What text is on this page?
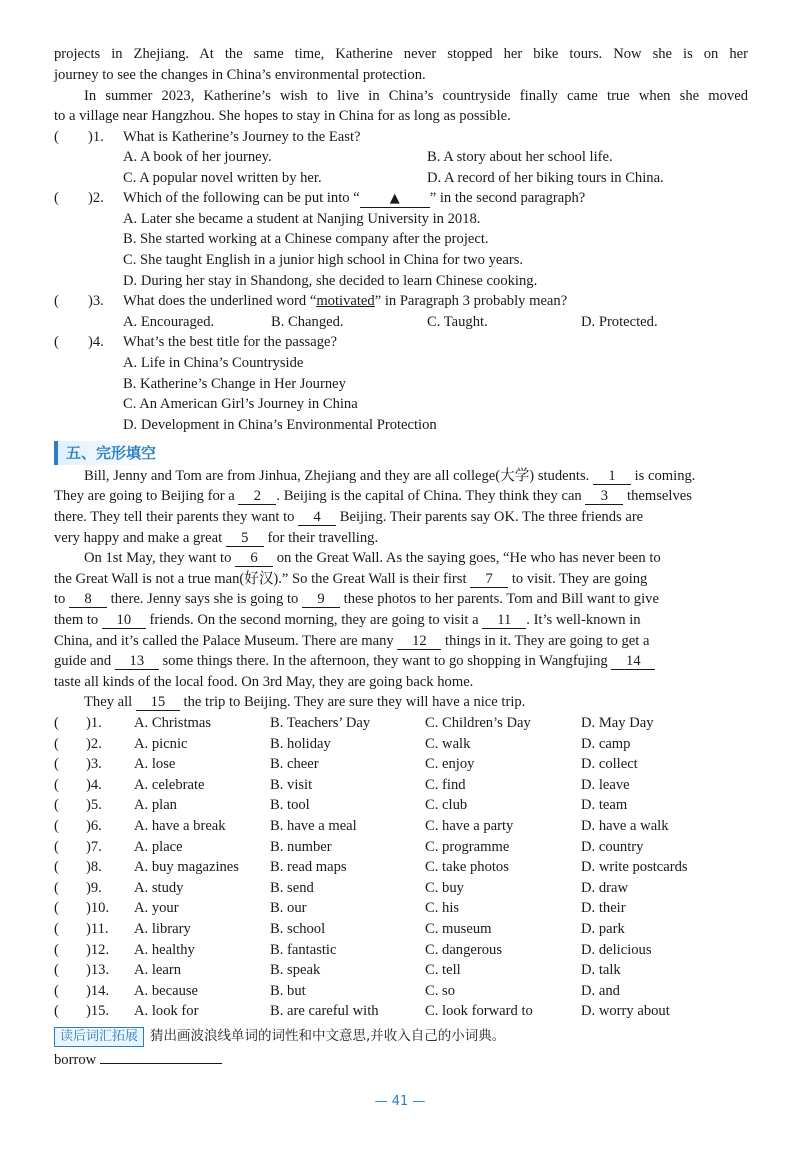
projects in Zhejiang. At the same time, Katherine never stopped her bike tours. Now she is on her
journey to see the changes in China’s environmental protection.
In summer 2023, Katherine’s wish to live in China’s countryside finally came true when she moved
to a village near Hangzhou. She hopes to stay in China for as long as possible.
(	)1. What is Katherine’s Journey to the East?
A. A book of her journey.	B. A story about her school life.
C. A popular novel written by her.	D. A record of her biking tours in China.
(	)2. Which of the following can be put into “ ▲ ” in the second paragraph?
A. Later she became a student at Nanjing University in 2018.
B. She started working at a Chinese company after the project.
C. She taught English in a junior high school in China for two years.
D. During her stay in Shandong, she decided to learn Chinese cooking.
(	)3. What does the underlined word “motivated” in Paragraph 3 probably mean?
A. Encouraged.	B. Changed.	C. Taught.	D. Protected.
(	)4. What’s the best title for the passage?
A. Life in China’s Countryside
B. Katherine’s Change in Her Journey
C. An American Girl’s Journey in China
D. Development in China’s Environmental Protection
五、完形填空
Bill, Jenny and Tom are from Jinhua, Zhejiang and they are all college(大学) students. 1 is coming.
They are going to Beijing for a 2 . Beijing is the capital of China. They think they can 3 themselves
there. They tell their parents they want to 4 Beijing. Their parents say OK. The three friends are
very happy and make a great 5 for their travelling.
On 1st May, they want to 6 on the Great Wall. As the saying goes, “He who has never been to
the Great Wall is not a true man(好汉).” So the Great Wall is their first 7 to visit. They are going
to 8 there. Jenny says she is going to 9 these photos to her parents. Tom and Bill want to give
them to 10 friends. On the second morning, they are going to visit a 11 . It’s well-known in
China, and it’s called the Palace Museum. There are many 12 things in it. They are going to get a
guide and 13 some things there. In the afternoon, they want to go shopping in Wangfujing 14
taste all kinds of the local food. On 3rd May, they are going back home.
They all 15 the trip to Beijing. They are sure they will have a nice trip.
( )1. A. Christmas	B. Teachers’ Day	C. Children’s Day	D. May Day
( )2. A. picnic	B. holiday	C. walk	D. camp
( )3. A. lose	B. cheer	C. enjoy	D. collect
( )4. A. celebrate	B. visit	C. find	D. leave
( )5. A. plan	B. tool	C. club	D. team
( )6. A. have a break	B. have a meal	C. have a party	D. have a walk
( )7. A. place	B. number	C. programme	D. country
( )8. A. buy magazines B. read maps	C. take photos	D. write postcards
( )9. A. study	B. send	C. buy	D. draw
( )10. A. your	B. our	C. his	D. their
( )11. A. library	B. school	C. museum	D. park
( )12. A. healthy	B. fantastic	C. dangerous	D. delicious
( )13. A. learn	B. speak	C. tell	D. talk
( )14. A. because	B. but	C. so	D. and
( )15. A. look for	B. are careful with	C. look forward to	D. worry about
读后词汇拓展 猜出画波浪线单词的词性和中文意思,并收入自己的小词典。
borrow
— 41 —
